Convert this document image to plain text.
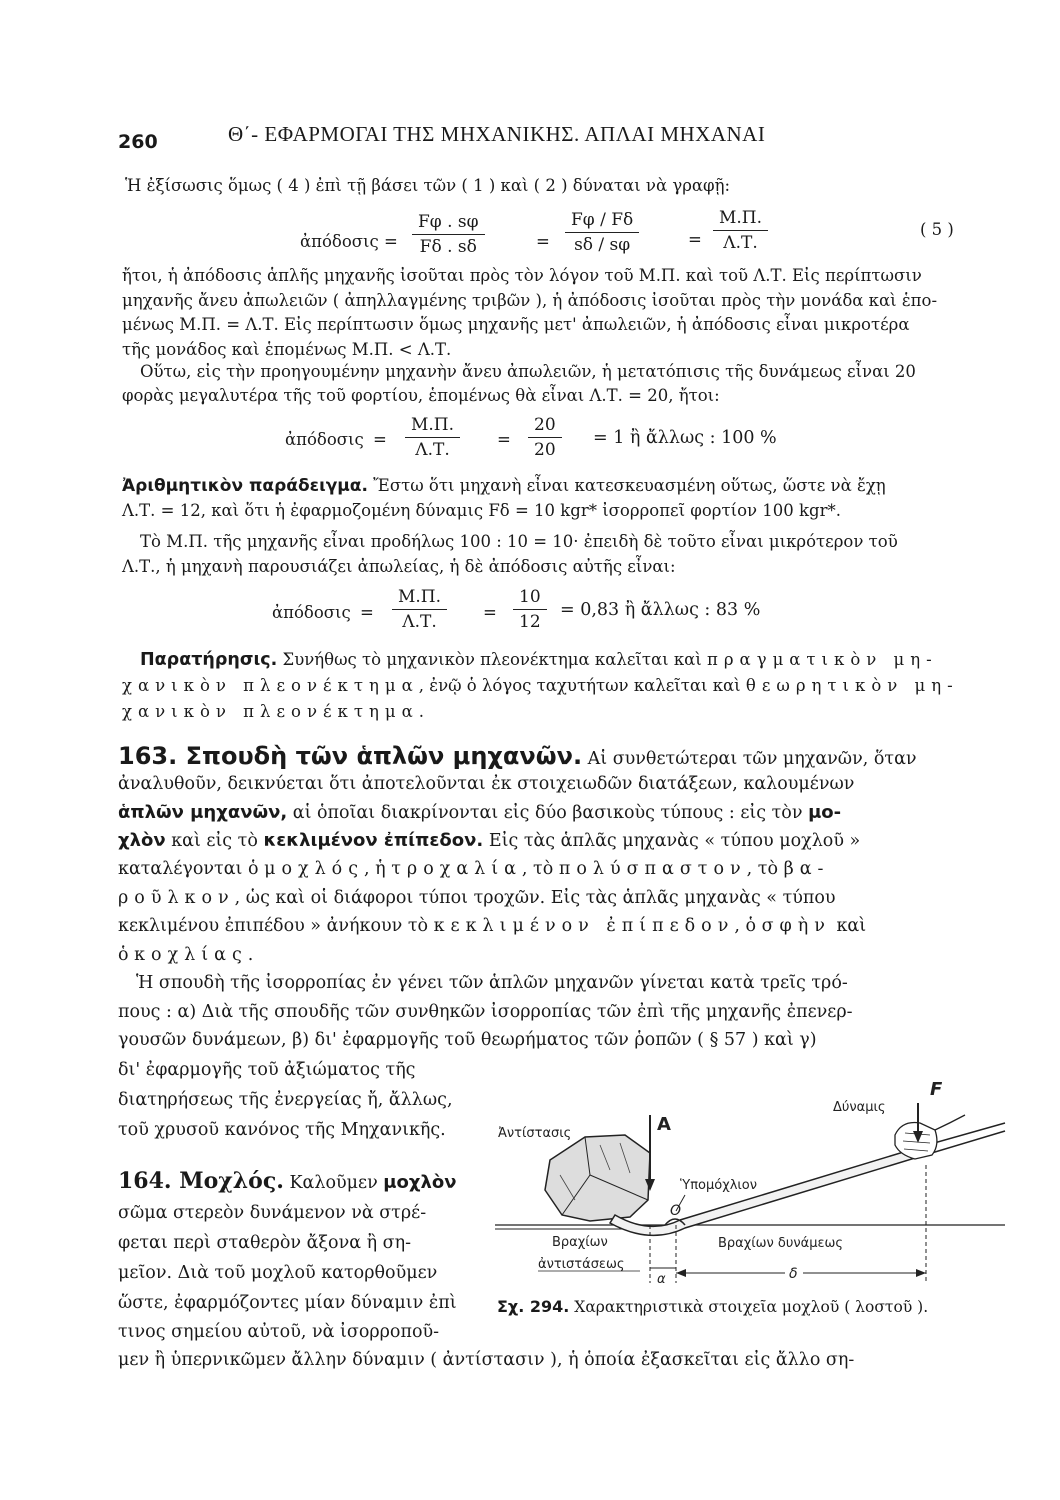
260	Θ΄- ΕΦΑΡΜΟΓΑΙ ΤΗΣ ΜΗΧΑΝΙΚΗΣ. ΑΠΛΑΙ ΜΗΧΑΝΑΙ
Ἡ ἐξίσωσις ὅμως ( 4 ) ἐπὶ τῇ βάσει τῶν ( 1 ) καὶ ( 2 ) δύναται νὰ γραφῇ:
ἀπόδοσις = $\frac{F\varphi . s\varphi}{F\delta . s\delta}$	= $\frac{F\varphi / F\delta}{s\delta / s\varphi}$	= $\frac{M.\Pi.}{\Lambda.T.}$	( 5 )
ἤτοι, ἡ ἀπόδοσις ἁπλῆς μηχανῆς ἰσοῦται πρὸς τὸν λόγον τοῦ Μ.Π. καὶ τοῦ Λ.Τ. Εἰς περίπτωσιν
μηχανῆς ἄνευ ἀπωλειῶν ( ἀπηλλαγμένης τριβῶν ), ἡ ἀπόδοσις ἰσοῦται πρὸς τὴν μονάδα καὶ ἑπο-
μένως Μ.Π. = Λ.Τ. Εἰς περίπτωσιν ὅμως μηχανῆς μετ' ἀπωλειῶν, ἡ ἀπόδοσις εἶναι μικροτέρα
τῆς μονάδος καὶ ἑπομένως Μ.Π. < Λ.Τ.
Οὕτω, εἰς τὴν προηγουμένην μηχανὴν ἄνευ ἀπωλειῶν, ἡ μετατόπισις τῆς δυνάμεως εἶναι 20
φορὰς μεγαλυτέρα τῆς τοῦ φορτίου, ἑπομένως θὰ εἶναι Λ.Τ. = 20, ἤτοι:
ἀπόδοσις = $\frac{M.\Pi.}{\Lambda.T.} = \frac{20}{20} = 1$ ἢ ἄλλως : 100 %
Ἀριθμητικὸν παράδειγμα. Ἔστω ὅτι μηχανὴ εἶναι κατεσκευασμένη οὕτως, ὥστε νὰ ἔχῃ
Λ.Τ. = 12, καὶ ὅτι ἡ ἐφαρμοζομένη δύναμις Fδ = 10 kgr* ἰσορροπεῖ φορτίον 100 kgr*.
Τὸ Μ.Π. τῆς μηχανῆς εἶναι προδήλως 100 : 10 = 10· ἐπειδὴ δὲ τοῦτο εἶναι μικρότερον τοῦ
Λ.Τ., ἡ μηχανὴ παρουσιάζει ἀπωλείας, ἡ δὲ ἀπόδοσις αὐτῆς εἶναι:
ἀπόδοσις = $\frac{M.\Pi.}{\Lambda.T.} = \frac{10}{12} = 0,83$ ἢ ἄλλως : 83 %
Παρατήρησις. Συνήθως τὸ μηχανικὸν πλεονέκτημα καλεῖται καὶ πραγματικὸν μη-
χανικὸν πλεονέκτημα, ἐνῷ ὁ λόγος ταχυτήτων καλεῖται καὶ θεωρητικὸν μη-
χανικὸν πλεονέκτημα.
163. Σπουδὴ τῶν ἁπλῶν μηχανῶν. Αἱ συνθετώτεραι τῶν μηχανῶν, ὅταν
ἀναλυθοῦν, δεικνύεται ὅτι ἀποτελοῦνται ἐκ στοιχειωδῶν διατάξεων, καλουμένων
ἁπλῶν μηχανῶν, αἱ ὁποῖαι διακρίνονται εἰς δύο βασικοὺς τύπους : εἰς τὸν μο-
χλὸν καὶ εἰς τὸ κεκλιμένον ἐπίπεδον. Εἰς τὰς ἁπλᾶς μηχανὰς « τύπου μοχλοῦ »
καταλέγονται ὁ μοχλός, ἡ τροχαλία, τὸ πολύσπαστον, τὸ βα-
ροῦλκον, ὡς καὶ οἱ διάφοροι τύποι τροχῶν. Εἰς τὰς ἁπλᾶς μηχανὰς « τύπου
κεκλιμένου ἐπιπέδου » ἀνήκουν τὸ κεκλιμένον ἐπίπεδον, ὁ σφὴν καὶ
ὁ κοχλίας.
Ἡ σπουδὴ τῆς ἰσορροπίας ἐν γένει τῶν ἁπλῶν μηχανῶν γίνεται κατὰ τρεῖς τρό-
πους : α) Διὰ τῆς σπουδῆς τῶν συνθηκῶν ἰσορροπίας τῶν ἐπὶ τῆς μηχανῆς ἐπενερ-
γουσῶν δυνάμεων, β) δι' ἐφαρμογῆς τοῦ θεωρήματος τῶν ῥοπῶν ( § 57 ) καὶ γ)
δι' ἐφαρμογῆς τοῦ ἀξιώματος τῆς
διατηρήσεως τῆς ἐνεργείας ἤ, ἄλλως,
τοῦ χρυσοῦ κανόνος τῆς Μηχανικῆς.
164. Μοχλός. Καλοῦμεν μοχλὸν
σῶμα στερεὸν δυνάμενον νὰ στρέ-
φεται περὶ σταθερὸν ἄξονα ἢ ση-
μεῖον. Διὰ τοῦ μοχλοῦ κατορθοῦμεν
ὥστε, ἐφαρμόζοντες μίαν δύναμιν ἐπὶ
τινος σημείου αὐτοῦ, νὰ ἰσορροποῦ-
μεν ἢ ὑπερνικῶμεν ἄλλην δύναμιν ( ἀντίστασιν ), ἡ ὁποία ἐξασκεῖται εἰς ἄλλο ση-
F
Δύναμις
A
Ἀντίστασις
Ὑπομόχλιον
O
Βραχίων
ἀντιστάσεως
Βραχίων δυνάμεως
α	δ
Σχ. 294. Χαρακτηριστικὰ στοιχεῖα μοχλοῦ ( λοστοῦ ).
